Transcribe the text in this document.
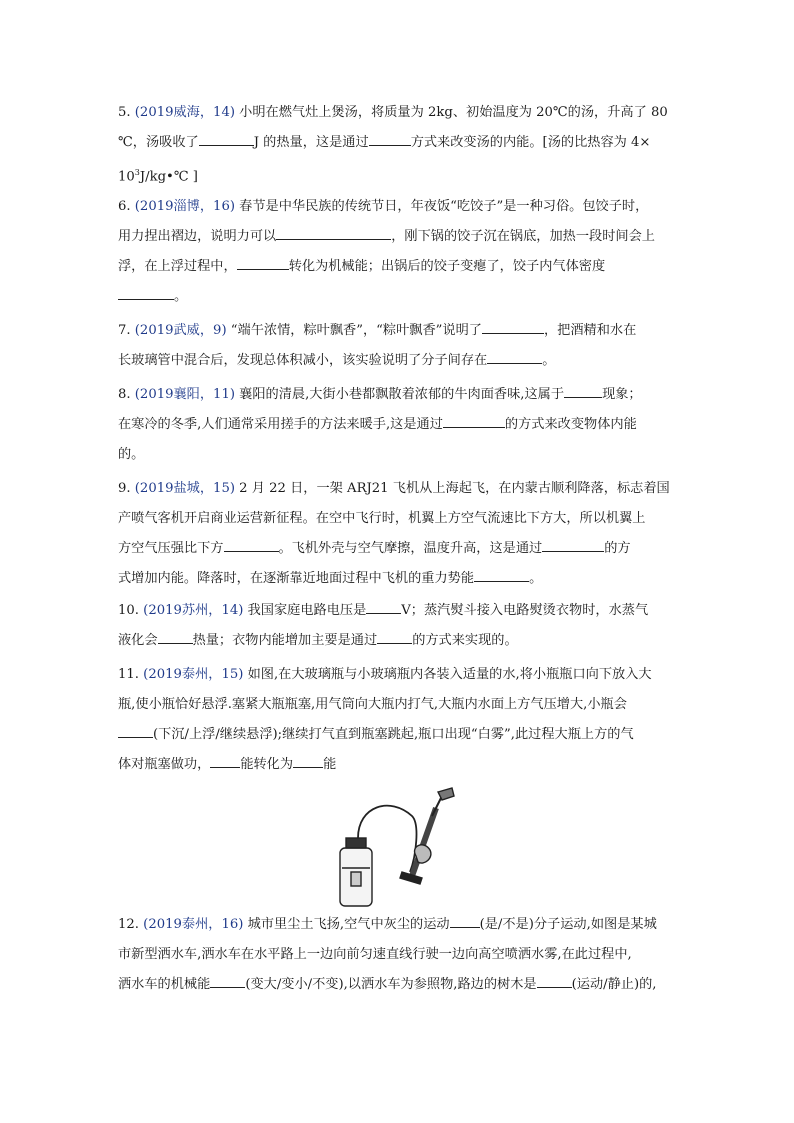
5. (2019威海，14) 小明在燃气灶上煲汤，将质量为 2kg、初始温度为 20℃的汤，升高了 80
℃，汤吸收了	J 的热量，这是通过	方式来改变汤的内能。[汤的比热容为 4×
$10^3J/kg•℃$ ]
6. (2019淄博，16) 春节是中华民族的传统节日，年夜饭“吃饺子”是一种习俗。包饺子时，
用力捏出褶边，说明力可以	，刚下锅的饺子沉在锅底，加热一段时间会上
浮，在上浮过程中，	转化为机械能；出锅后的饺子变瘪了，饺子内气体密度
。
7. (2019武威，9) “端午浓情，粽叶飘香”，“粽叶飘香”说明了	，把酒精和水在
长玻璃管中混合后，发现总体积减小，该实验说明了分子间存在	。
8. (2019襄阳，11) 襄阳的清晨,大街小巷都飘散着浓郁的牛肉面香味,这属于	现象；
在寒冷的冬季,人们通常采用搓手的方法来暖手,这是通过	的方式来改变物体内能
的。
9. (2019盐城，15) 2 月 22 日，一架 ARJ21 飞机从上海起飞，在内蒙古顺利降落，标志着国
产喷气客机开启商业运营新征程。在空中飞行时，机翼上方空气流速比下方大，所以机翼上
方空气压强比下方	。飞机外壳与空气摩擦，温度升高，这是通过	的方
式增加内能。降落时，在逐渐靠近地面过程中飞机的重力势能	。
10. (2019苏州，14) 我国家庭电路电压是	V；蒸汽熨斗接入电路熨烫衣物时，水蒸气
液化会	热量；衣物内能增加主要是通过	的方式来实现的。
11. (2019泰州，15) 如图,在大玻璃瓶与小玻璃瓶内各装入适量的水,将小瓶瓶口向下放入大
瓶,使小瓶恰好悬浮.塞紧大瓶瓶塞,用气筒向大瓶内打气,大瓶内水面上方气压增大,小瓶会
(下沉/上浮/继续悬浮);继续打气直到瓶塞跳起,瓶口出现“白雾”,此过程大瓶上方的气
体对瓶塞做功， 能转化为 能
12. (2019泰州，16) 城市里尘土飞扬,空气中灰尘的运动 (是/不是)分子运动,如图是某城
市新型洒水车,洒水车在水平路上一边向前匀速直线行驶一边向高空喷洒水雾,在此过程中,
洒水车的机械能	(变大/变小/不变),以洒水车为参照物,路边的树木是	(运动/静止)的,
